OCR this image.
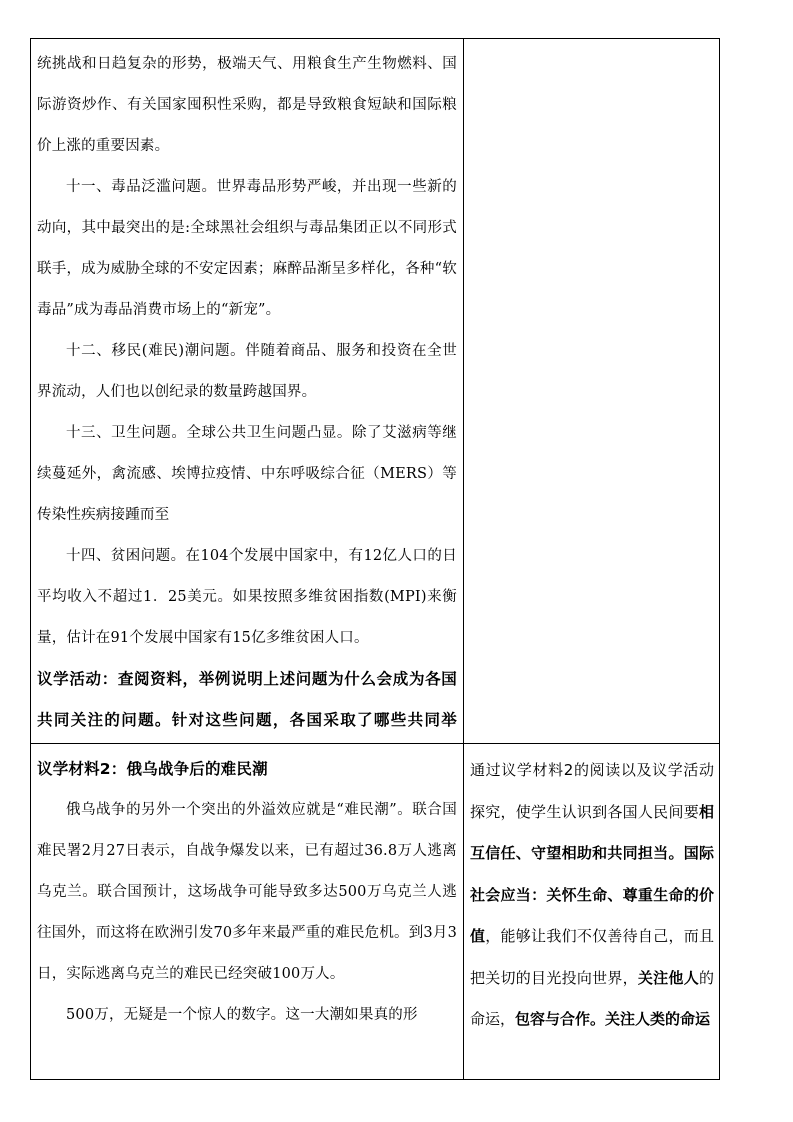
统挑战和日趋复杂的形势，极端天气、用粮食生产生物燃料、国际游资炒作、有关国家囤积性采购，都是导致粮食短缺和国际粮价上涨的重要因素。

十一、毒品泛滥问题。世界毒品形势严峻，并出现一些新的动向，其中最突出的是:全球黑社会组织与毒品集团正以不同形式联手，成为威胁全球的不安定因素；麻醉品渐呈多样化，各种“软毒品”成为毒品消费市场上的“新宠”。

十二、移民(难民)潮问题。伴随着商品、服务和投资在全世界流动，人们也以创纪录的数量跨越国界。

十三、卫生问题。全球公共卫生问题凸显。除了艾滋病等继续蔓延外，禽流感、埃博拉疫情、中东呼吸综合征（MERS）等传染性疾病接踵而至

十四、贫困问题。在104个发展中国家中，有12亿人口的日平均收入不超过1．25美元。如果按照多维贫困指数(MPI)来衡量，估计在91个发展中国家有15亿多维贫困人口。

议学活动：查阅资料，举例说明上述问题为什么会成为各国共同关注的问题。针对这些问题，各国采取了哪些共同举

议学材料2：俄乌战争后的难民潮

俄乌战争的另外一个突出的外溢效应就是“难民潮”。联合国难民署2月27日表示，自战争爆发以来，已有超过36.8万人逃离乌克兰。联合国预计，这场战争可能导致多达500万乌克兰人逃往国外，而这将在欧洲引发70多年来最严重的难民危机。到3月3日，实际逃离乌克兰的难民已经突破100万人。

500万，无疑是一个惊人的数字。这一大潮如果真的形

通过议学材料2的阅读以及议学活动探究，使学生认识到各国人民间要相互信任、守望相助和共同担当。国际社会应当：关怀生命、尊重生命的价值，能够让我们不仅善待自己，而且把关切的目光投向世界，关注他人的命运，包容与合作。关注人类的命运
